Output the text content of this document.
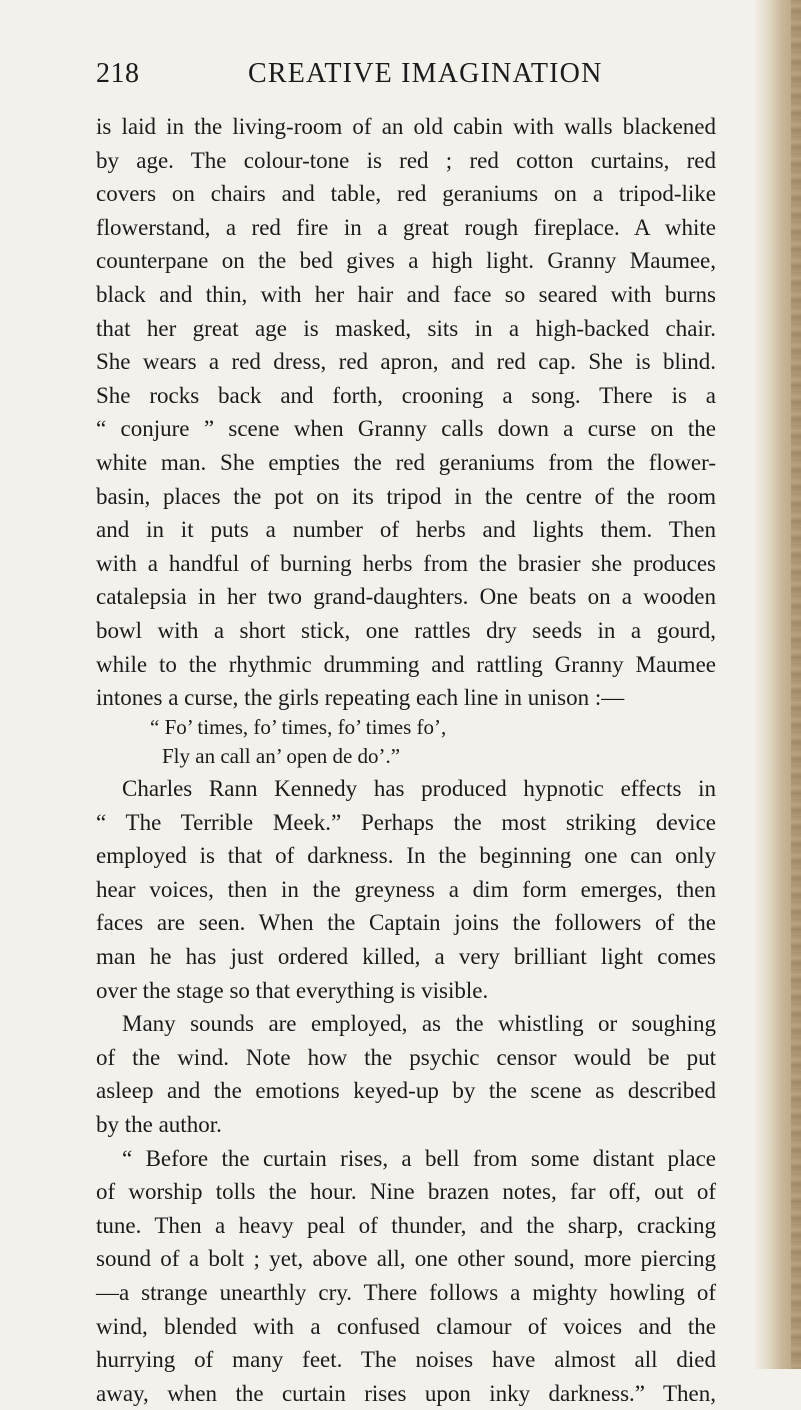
218	CREATIVE IMAGINATION
is laid in the living-room of an old cabin with walls blackened
by age. The colour-tone is red ; red cotton curtains, red
covers on chairs and table, red geraniums on a tripod-like
flowerstand, a red fire in a great rough fireplace. A white
counterpane on the bed gives a high light. Granny Maumee,
black and thin, with her hair and face so seared with burns
that her great age is masked, sits in a high-backed chair.
She wears a red dress, red apron, and red cap. She is blind.
She rocks back and forth, crooning a song. There is a
“ conjure ” scene when Granny calls down a curse on the
white man. She empties the red geraniums from the flower-
basin, places the pot on its tripod in the centre of the room
and in it puts a number of herbs and lights them. Then
with a handful of burning herbs from the brasier she produces
catalepsia in her two grand-daughters. One beats on a wooden
bowl with a short stick, one rattles dry seeds in a gourd,
while to the rhythmic drumming and rattling Granny Maumee
intones a curse, the girls repeating each line in unison :—
“ Fo’ times, fo’ times, fo’ times fo’,
Fly an call an’ open de do’.”
Charles Rann Kennedy has produced hypnotic effects in
“ The Terrible Meek.” Perhaps the most striking device
employed is that of darkness. In the beginning one can only
hear voices, then in the greyness a dim form emerges, then
faces are seen. When the Captain joins the followers of the
man he has just ordered killed, a very brilliant light comes
over the stage so that everything is visible.
Many sounds are employed, as the whistling or soughing
of the wind. Note how the psychic censor would be put
asleep and the emotions keyed-up by the scene as described
by the author.
“ Before the curtain rises, a bell from some distant place
of worship tolls the hour. Nine brazen notes, far off, out of
tune. Then a heavy peal of thunder, and the sharp, cracking
sound of a bolt ; yet, above all, one other sound, more piercing
—a strange unearthly cry. There follows a mighty howling of
wind, blended with a confused clamour of voices and the
hurrying of many feet. The noises have almost all died
away, when the curtain rises upon inky darkness.” Then,
